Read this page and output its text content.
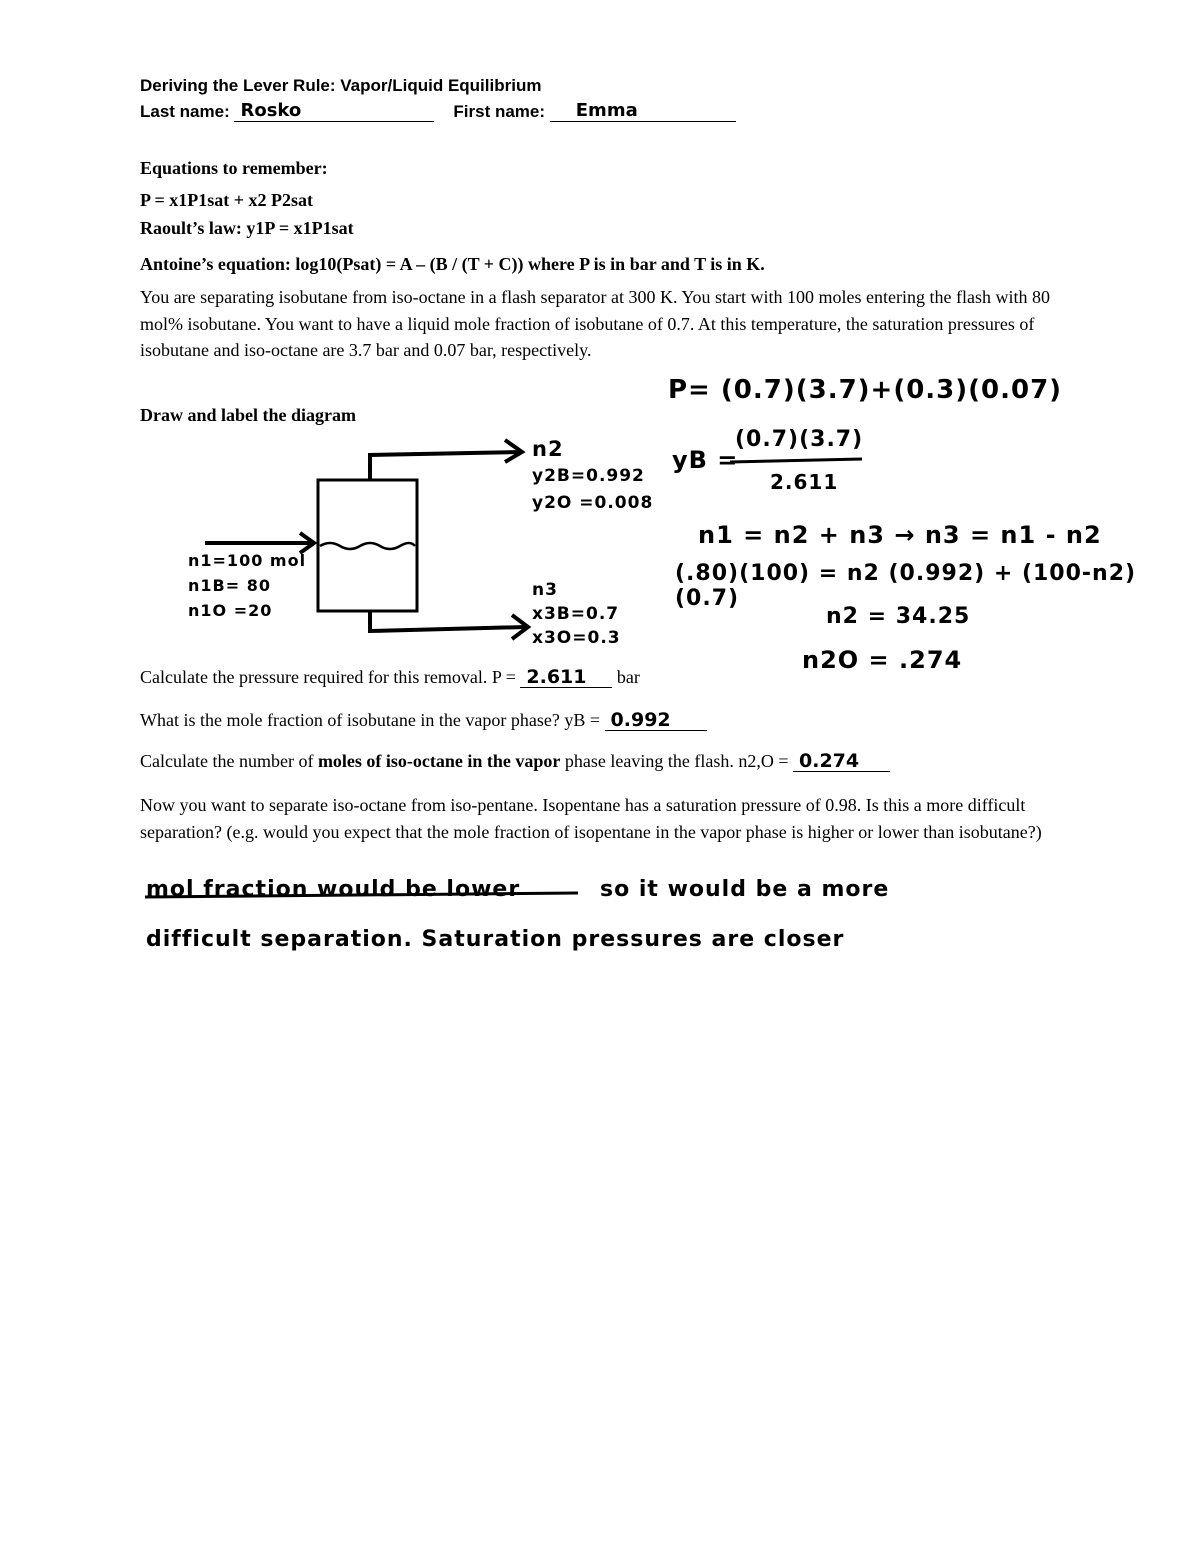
Deriving the Lever Rule: Vapor/Liquid Equilibrium
Last name: Rosko	First name: Emma
Equations to remember:
P = x1P1sat + x2 P2sat
Raoult’s law: y1P = x1P1sat
Antoine’s equation: log10(Psat) = A – (B / (T + C)) where P is in bar and T is in K.
You are separating isobutane from iso-octane in a flash separator at 300 K. You start with 100 moles entering the flash with 80 mol% isobutane. You want to have a liquid mole fraction of isobutane of 0.7. At this temperature, the saturation pressures of isobutane and iso-octane are 3.7 bar and 0.07 bar, respectively.
Draw and label the diagram
n1=100 mol
n1B= 80
n1O =20
n2
y2B=0.992
y2O =0.008
n3
x3B=0.7
x3O=0.3
P= (0.7)(3.7)+(0.3)(0.07)
yB =
(0.7)(3.7)
2.611
n1 = n2 + n3 → n3 = n1 - n2
(.80)(100) = n2 (0.992) + (100-n2)(0.7)
n2 = 34.25
n2O = .274
Calculate the pressure required for this removal. P = 2.611 bar
What is the mole fraction of isobutane in the vapor phase? yB = 0.992
Calculate the number of moles of iso-octane in the vapor phase leaving the flash. n2,O = 0.274
Now you want to separate iso-octane from iso-pentane. Isopentane has a saturation pressure of 0.98. Is this a more difficult separation? (e.g. would you expect that the mole fraction of isopentane in the vapor phase is higher or lower than isobutane?)
mol fraction would be lower	so it would be a more
difficult separation. Saturation pressures are closer
